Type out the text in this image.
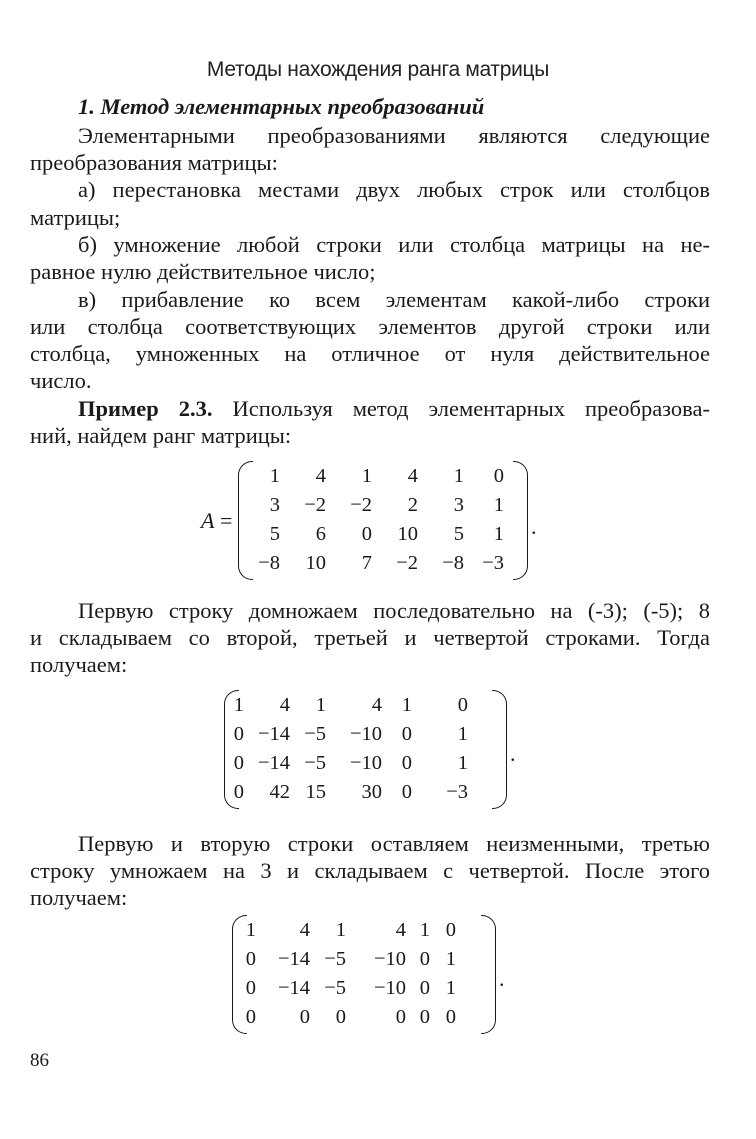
Методы нахождения ранга матрицы
1. Метод элементарных преобразований
Элементарными преобразованиями являются следующие
преобразования матрицы:
а) перестановка местами двух любых строк или столбцов
матрицы;
б) умножение любой строки или столбца матрицы на не-
равное нулю действительное число;
в) прибавление ко всем элементам какой-либо строки
или столбца соответствующих элементов другой строки или
столбца, умноженных на отличное от нуля действительное
число.
Пример 2.3. Используя метод элементарных преобразова-
ний, найдем ранг матрицы:
A =
1	4	1	4	1	0
3	−2	−2	2	3	1
5	6	0	10	5	1
−8	10	7	−2	−8	−3
.
Первую строку домножаем последовательно на (-3); (-5); 8
и складываем со второй, третьей и четвертой строками. Тогда
получаем:
1	4	1	4	1	0
0	−14	−5	−10	0	1
0	−14	−5	−10	0	1
0	42	15	30	0	−3
.
Первую и вторую строки оставляем неизменными, третью
строку умножаем на 3 и складываем с четвертой. После этого
получаем:
1	4	1	4	1	0
0	−14	−5	−10	0	1
0	−14	−5	−10	0	1
0	0	0	0	0	0
.
86
